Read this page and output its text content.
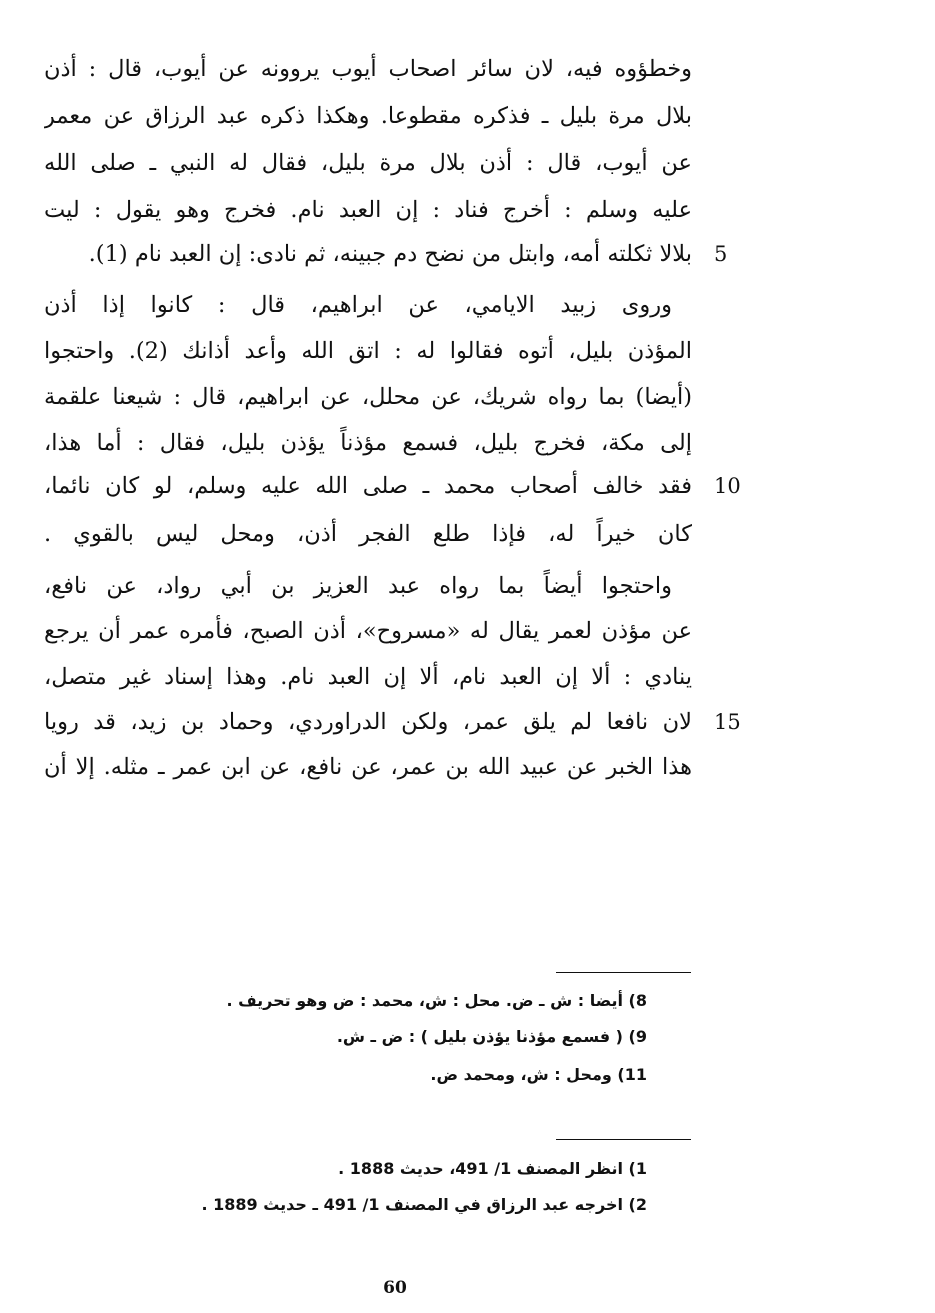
وخطؤوه فيه، لان سائر اصحاب أيوب يروونه عن أيوب، قال : أذن
بلال مرة بليل ـ فذكره مقطوعا. وهكذا ذكره عبد الرزاق عن معمر
عن أيوب، قال : أذن بلال مرة بليل، فقال له النبي ـ صلى الله
عليه وسلم : أخرج فناد : إن العبد نام. فخرج وهو يقول : ليت
بلالا ثكلته أمه، وابتل من نضح دم جبينه، ثم نادى: إن العبد نام (1). 5
وروى زبيد الايامي، عن ابراهيم، قال : كانوا إذا أذن
المؤذن بليل، أتوه فقالوا له : اتق الله وأعد أذانك (2). واحتجوا
(أيضا) بما رواه شريك، عن محلل، عن ابراهيم، قال : شيعنا علقمة
إلى مكة، فخرج بليل، فسمع مؤذناً يؤذن بليل، فقال : أما هذا،
فقد خالف أصحاب محمد ـ صلى الله عليه وسلم، لو كان نائما، 10
كان خيراً له، فإذا طلع الفجر أذن، ومحل ليس بالقوي .
واحتجوا أيضاً بما رواه عبد العزيز بن أبي رواد، عن نافع،
عن مؤذن لعمر يقال له «مسروح»، أذن الصبح، فأمره عمر أن يرجع
ينادي : ألا إن العبد نام، ألا إن العبد نام. وهذا إسناد غير متصل،
لان نافعا لم يلق عمر، ولكن الدراوردي، وحماد بن زيد، قد رويا 15
هذا الخبر عن عبيد الله بن عمر، عن نافع، عن ابن عمر ـ مثله. إلا أن
8) أيضا : ش ـ ض. محل : ش، محمد : ض وهو تحريف .
9) ( فسمع مؤذنا يؤذن بليل ) : ض ـ ش.
11) ومحل : ش، ومحمد ض.
1) انظر المصنف 1/ 491، حديث 1888 .
2) اخرجه عبد الرزاق في المصنف 1/ 491 ـ حديث 1889 .
60
